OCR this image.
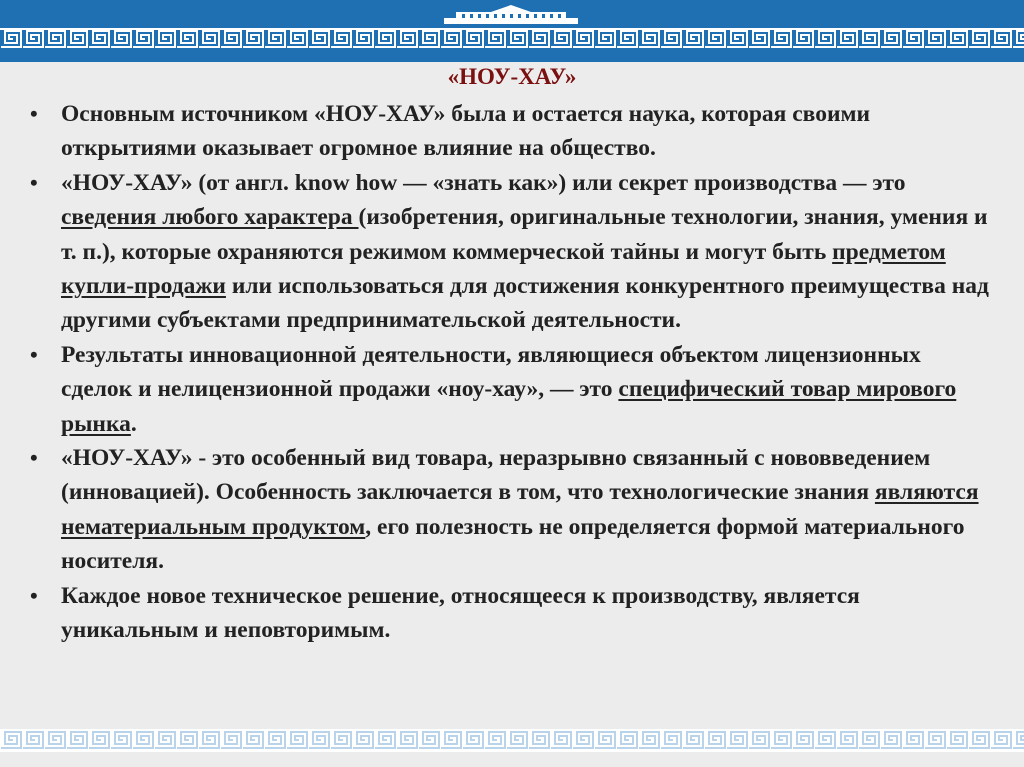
«НОУ-ХАУ»
• Основным источником «НОУ-ХАУ» была и остается наука, которая своими открытиями оказывает огромное влияние на общество.
• «НОУ-ХАУ» (от англ. know how — «знать как») или секрет производства — это сведения любого характера (изобретения, оригинальные технологии, знания, умения и т. п.), которые охраняются режимом коммерческой тайны и могут быть предметом купли-продажи или использоваться для достижения конкурентного преимущества над другими субъектами предпринимательской деятельности.
• Результаты инновационной деятельности, являющиеся объектом лицензионных сделок и нелицензионной продажи «ноу-хау», — это специфический товар мирового рынка.
• «НОУ-ХАУ» - это особенный вид товара, неразрывно связанный с нововведением (инновацией). Особенность заключается в том, что технологические знания являются нематериальным продуктом, его полезность не определяется формой материального носителя.
• Каждое новое техническое решение, относящееся к производству, является уникальным и неповторимым.
